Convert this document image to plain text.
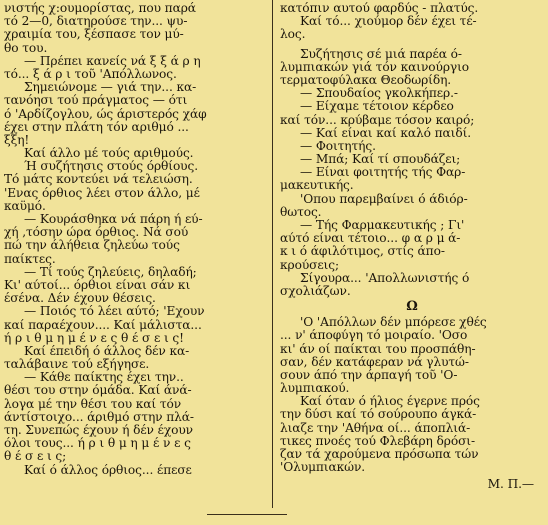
νιστής χ:ουμορίστας, που παρά
τό 2—0, διατηρούσε την... ψυ-
χραιμία του, ξέσπασε τον μύ-
θο του.
— Πρέπει κανείς νά ξ ξ ά ρ η
τό... ξ ά ρ ι τοῦ 'Απόλλωνος.
Σημειώνομε — γιά την... κα-
τανόησι τού πράγματος — ότι
ό 'Αρδίζογλου, ώς άριστερός χάφ
έχει στην πλάτη τόν αριθμό ...
ξξη!
Καί άλλο μέ τούς αριθμούς.
Ή συζήτησις στούς όρθίους.
Τό μάτς κοντεύει νά τελειώση.
'Ενας όρθιος λέει στον άλλο, μέ
καϋμό.
— Κουράσθηκα νά πάρη ή εύ-
χή ,τόσην ώρα όρθιος. Νά σού
πώ την άλήθεια ζηλεύω τούς
παίκτες.
— Τί τούς ζηλεύεις, δηλαδή;
Κι' αύτοί... όρθιοι είναι σάν κι
έσένα. Δέν έχουν θέσεις.
— Ποιός τό λέει αύτό; 'Εχουν
καί παραέχουν.... Καί μάλιστα...
ή ρ ι θ μ η μ έ ν ε ς θ έ σ ε ι ς!
Καί έπειδή ό άλλος δέν κα-
ταλάβαινε τού εξήγησε.
— Κάθε παίκτης έχει την..
θέσι του στην όμάδα. Καί άνά-
λογα μέ την θέσι του καί τόν
άντίστοιχο... άριθμό στην πλά-
τη. Συνεπώς έχουν ή δέν έχουν
όλοι τους... ή ρ ι θ μ η μ έ ν ε ς
θ έ σ ε ι ς;
Καί ό άλλος όρθιος... έπεσε
κατόπιν αυτού φαρδύς - πλατύς.
Καί τό... χιούμορ δέν έχει τέ-
λος.
Συζήτησις σέ μιά παρέα ό-
λυμπιακών γιά τόν καινούργιο
τερματοφύλακα Θεοδωρίδη.
— Σπουδαίος γκολκήπερ.-
— Είχαμε τέτοιον κέρδεο
καί τόν... κρύβαμε τόσον καιρό;
— Καί είναι καί καλό παιδί.
— Φοιτητής.
— Μπά; Καί τί σπουδάζει;
— Είναι φοιτητής τής Φαρ-
μακευτικής.
'Οπου παρεμβαίνει ό άδιόρ-
θωτος.
— Τής Φαρμακευτικής ; Γι'
αύτό είναι τέτοιο... φ α ρ μ ά-
κ ι ό άφιλότιμος, στίς άπο-
κρούσεις;
Σίγουρα... 'Απολλωνιστής ό
σχολιάζων.
Ω
'Ο 'Απόλλων δέν μπόρεσε χθές
... ν' άποφύγη τό μοιραίο. 'Οσο
κι' άν οί παίκται του προσπάθη-
σαν, δέν κατάφεραν νά γλυτώ-
σουν άπό την άρπαγή τοῦ 'Ο-
λυμπιακού.
Καί όταν ό ήλιος έγερνε πρός
την δύσι καί τό σούρουπο άγκά-
λιαζε την 'Αθήνα οί... άποπλιά-
τικες πνοές τού Φλεβάρη δρόσι-
ζαν τά χαρούμενα πρόσωπα τών
'Ολυμπιακών.
Μ. Π.—
